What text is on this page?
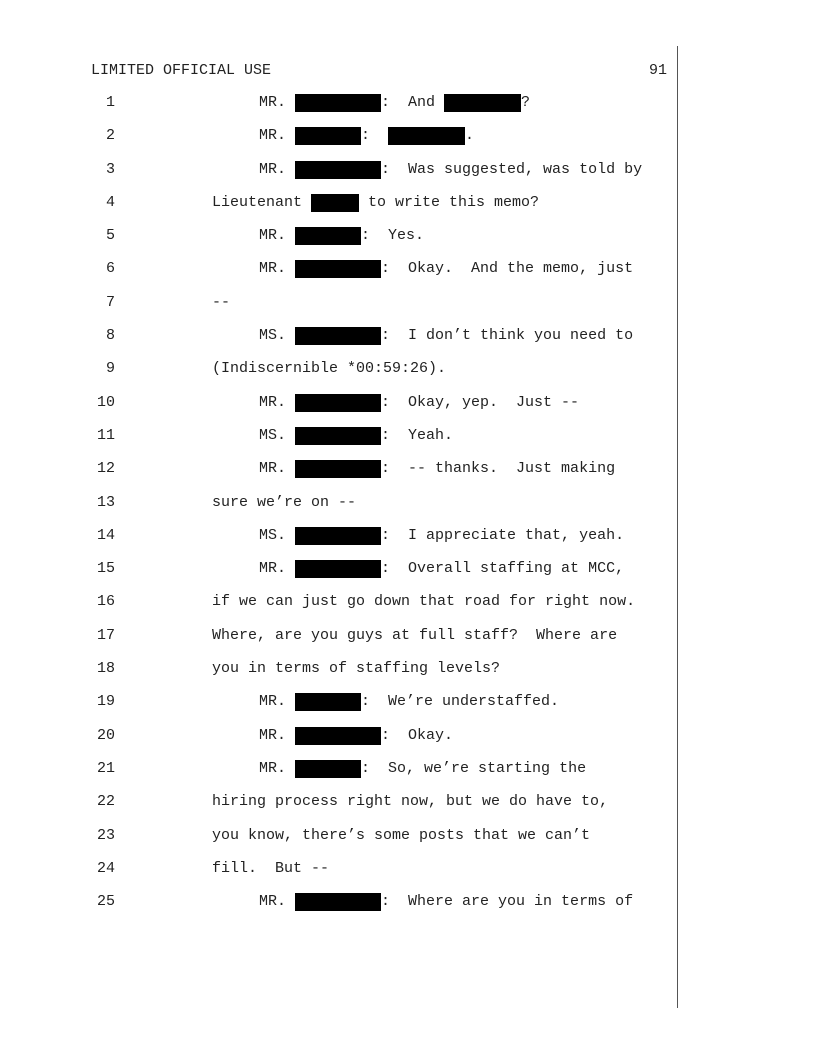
LIMITED OFFICIAL USE	91
1	MR.
	:  And	?
2	MR.
	:	.
3	MR.
	:  Was suggested, was told by
4	Lieutenant	to write this memo?
5	MR.
	:  Yes.
6	MR.
	:  Okay.  And the memo, just
7	--
8	MS.
	:  I don’t think you need to
9	(Indiscernible *00:59:26).
10	MR.
	:  Okay, yep.  Just --
11	MS.
	:  Yeah.
12	MR.
	:  -- thanks.  Just making
13	sure we’re on --
14	MS.
	:  I appreciate that, yeah.
15	MR.
	:  Overall staffing at MCC,
16	if we can just go down that road for right now.
17	Where, are you guys at full staff?  Where are
18	you in terms of staffing levels?
19	MR.
	:  We’re understaffed.
20	MR.
	:  Okay.
21	MR.
	:  So, we’re starting the
22	hiring process right now, but we do have to,
23	you know, there’s some posts that we can’t
24	fill.  But --
25	MR.
	:  Where are you in terms of
